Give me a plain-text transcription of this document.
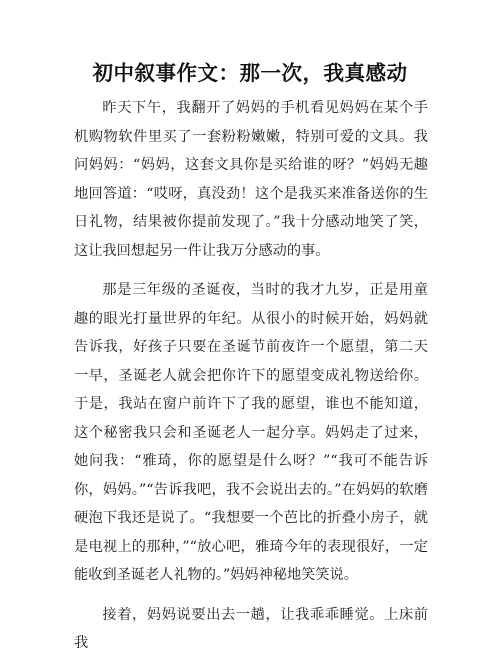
初中叙事作文：那一次，我真感动

昨天下午，我翻开了妈妈的手机看见妈妈在某个手机购物软件里买了一套粉粉嫩嫩，特别可爱的文具。我问妈妈：“妈妈，这套文具你是买给谁的呀？”妈妈无趣地回答道：“哎呀，真没劲！这个是我买来准备送你的生日礼物，结果被你提前发现了。”我十分感动地笑了笑，这让我回想起另一件让我万分感动的事。

那是三年级的圣诞夜，当时的我才九岁，正是用童趣的眼光打量世界的年纪。从很小的时候开始，妈妈就告诉我，好孩子只要在圣诞节前夜许一个愿望，第二天一早，圣诞老人就会把你许下的愿望变成礼物送给你。于是，我站在窗户前许下了我的愿望，谁也不能知道，这个秘密我只会和圣诞老人一起分享。妈妈走了过来，她问我：“雅琦，你的愿望是什么呀？”“我可不能告诉你，妈妈。”“告诉我吧，我不会说出去的。”在妈妈的软磨硬泡下我还是说了。“我想要一个芭比的折叠小房子，就是电视上的那种，”“放心吧，雅琦今年的表现很好，一定能收到圣诞老人礼物的。”妈妈神秘地笑笑说。

接着，妈妈说要出去一趟，让我乖乖睡觉。上床前我
